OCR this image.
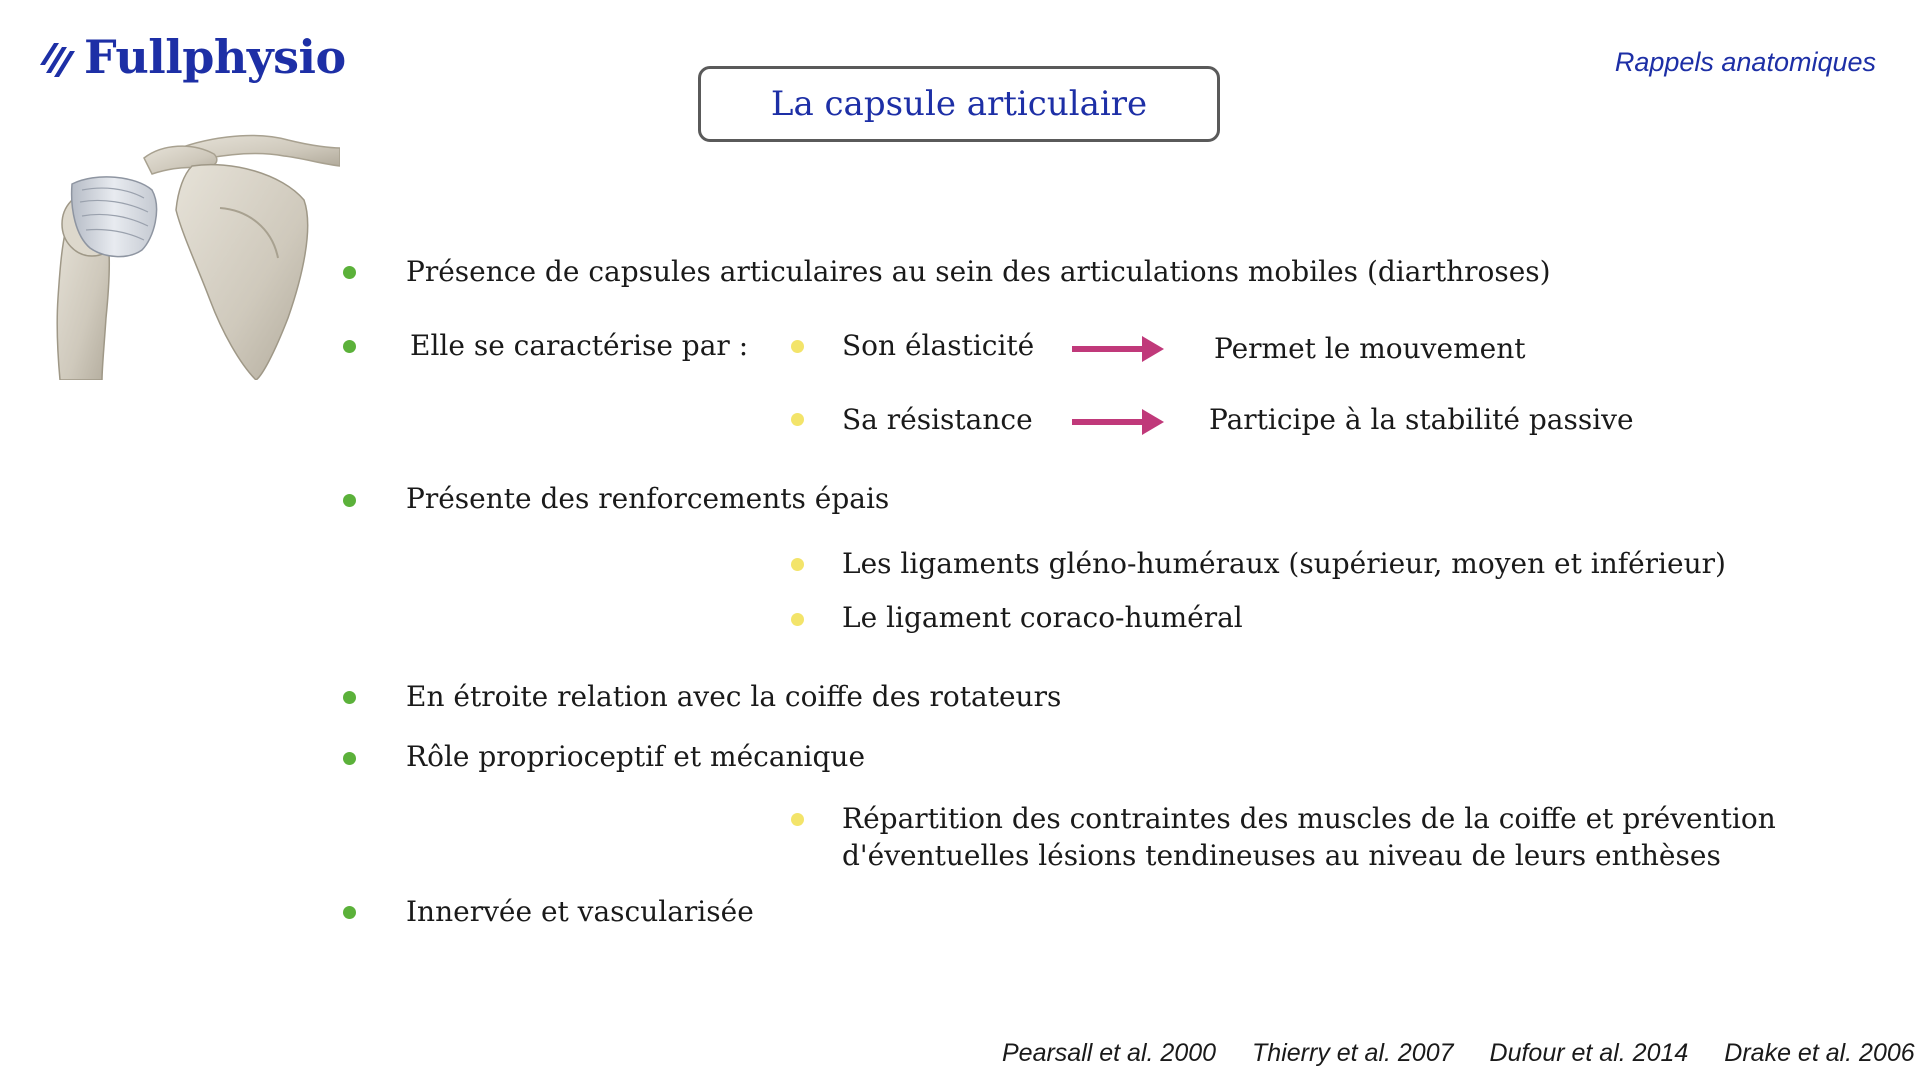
Fullphysio	Rappels anatomiques
La capsule articulaire
Présence de capsules articulaires au sein des articulations mobiles (diarthroses)
Elle se caractérise par :	Son élasticité	Permet le mouvement
Sa résistance	Participe à la stabilité passive
Présente des renforcements épais
Les ligaments gléno-huméraux (supérieur, moyen et inférieur)
Le ligament coraco-huméral
En étroite relation avec la coiffe des rotateurs
Rôle proprioceptif et mécanique
Répartition des contraintes des muscles de la coiffe et prévention
d'éventuelles lésions tendineuses au niveau de leurs enthèses
Innervée et vascularisée
Pearsall et al. 2000 Thierry et al. 2007 Dufour et al. 2014 Drake et al. 2006
